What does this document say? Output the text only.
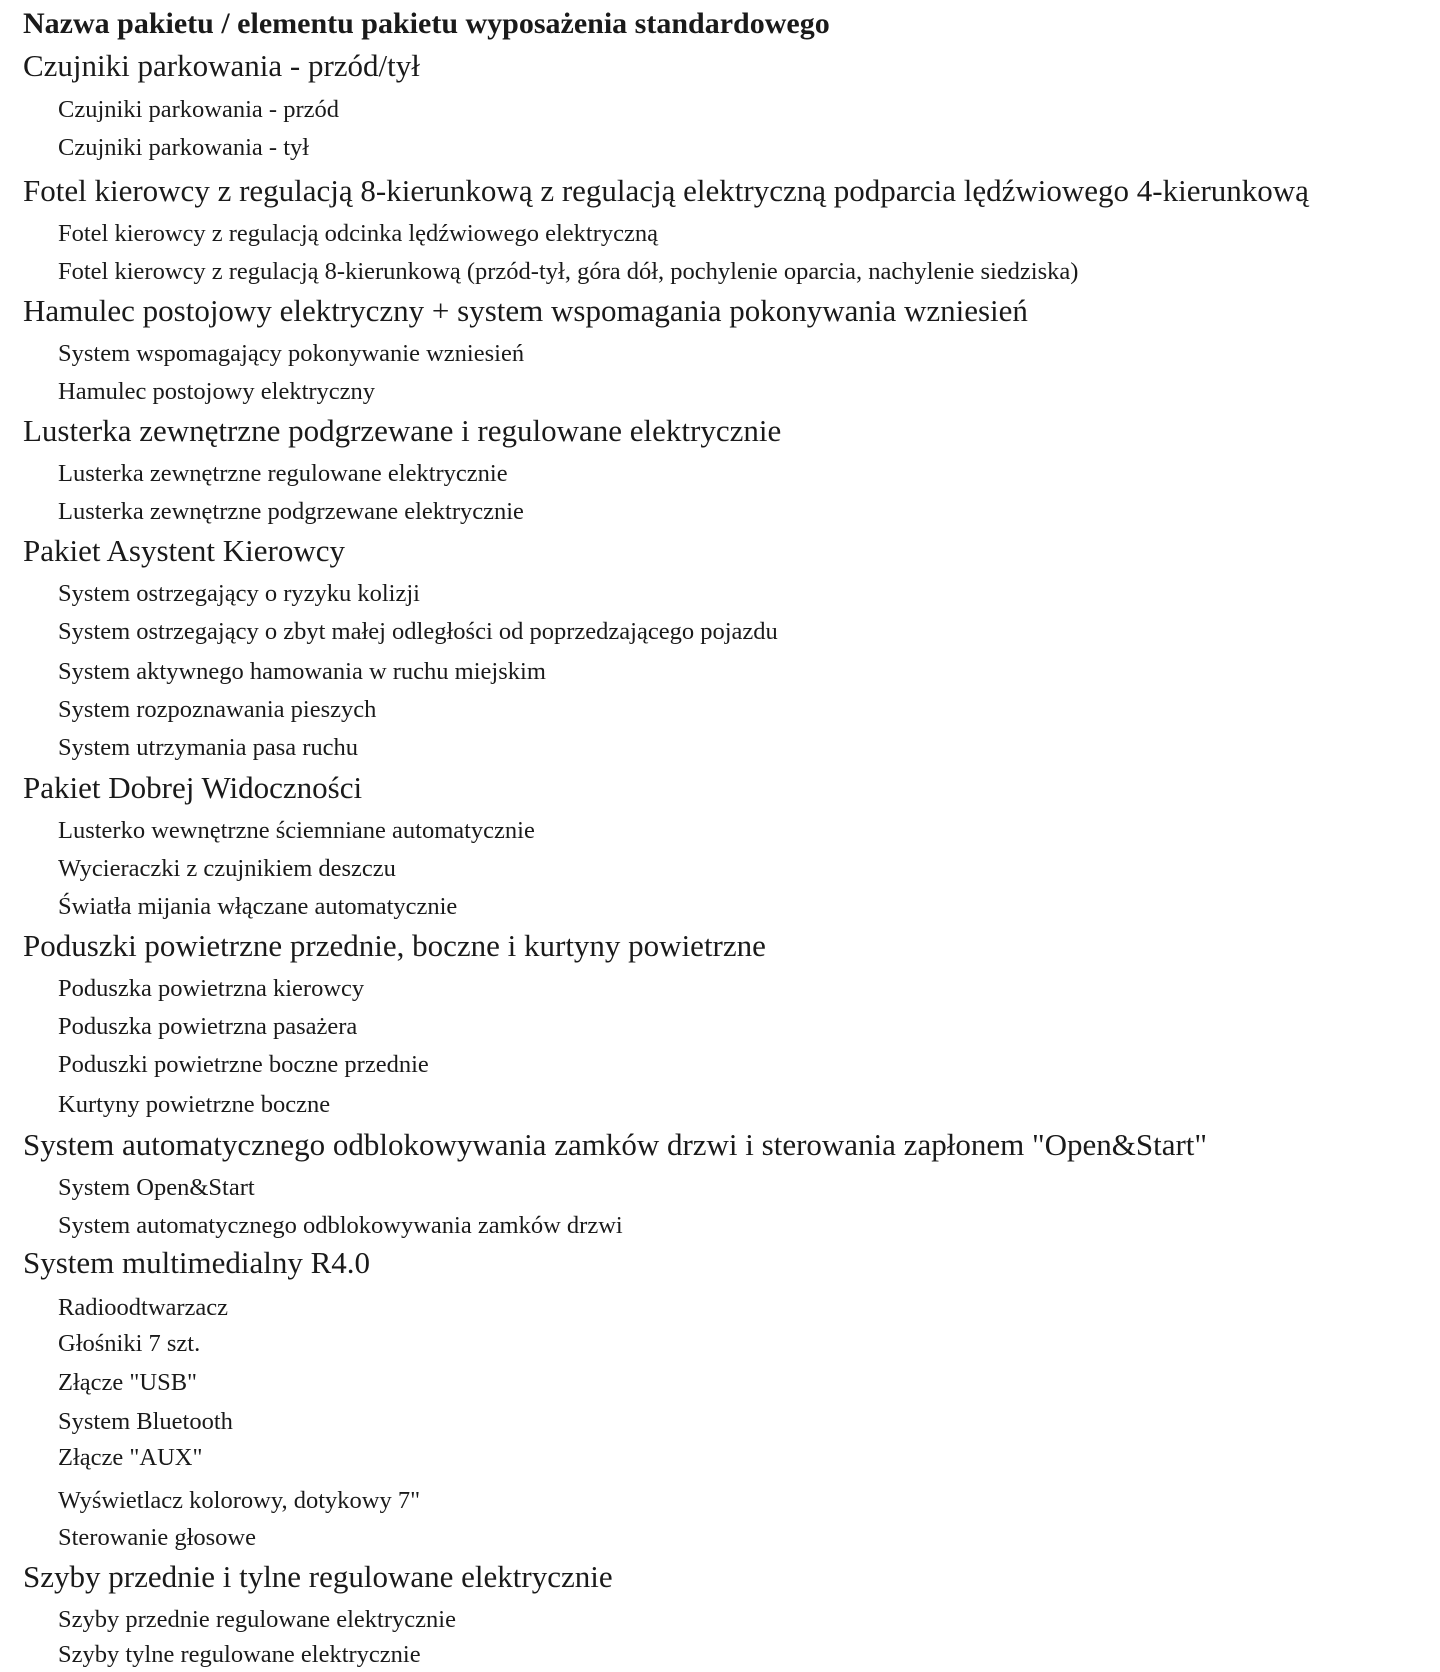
Nazwa pakietu / elementu pakietu wyposażenia standardowego
Czujniki parkowania - przód/tył
Czujniki parkowania - przód
Czujniki parkowania - tył
Fotel kierowcy z regulacją 8-kierunkową z regulacją elektryczną podparcia lędźwiowego 4-kierunkową
Fotel kierowcy z regulacją odcinka lędźwiowego elektryczną
Fotel kierowcy z regulacją 8-kierunkową (przód-tył, góra dół, pochylenie oparcia, nachylenie siedziska)
Hamulec postojowy elektryczny + system wspomagania pokonywania wzniesień
System wspomagający pokonywanie wzniesień
Hamulec postojowy elektryczny
Lusterka zewnętrzne podgrzewane i regulowane elektrycznie
Lusterka zewnętrzne regulowane elektrycznie
Lusterka zewnętrzne podgrzewane elektrycznie
Pakiet Asystent Kierowcy
System ostrzegający o ryzyku kolizji
System ostrzegający o zbyt małej odległości od poprzedzającego pojazdu
System aktywnego hamowania w ruchu miejskim
System rozpoznawania pieszych
System utrzymania pasa ruchu
Pakiet Dobrej Widoczności
Lusterko wewnętrzne ściemniane automatycznie
Wycieraczki z czujnikiem deszczu
Światła mijania włączane automatycznie
Poduszki powietrzne przednie, boczne i kurtyny powietrzne
Poduszka powietrzna kierowcy
Poduszka powietrzna pasażera
Poduszki powietrzne boczne przednie
Kurtyny powietrzne boczne
System automatycznego odblokowywania zamków drzwi i sterowania zapłonem "Open&Start"
System Open&Start
System automatycznego odblokowywania zamków drzwi
System multimedialny R4.0
Radioodtwarzacz
Głośniki 7 szt.
Złącze "USB"
System Bluetooth
Złącze "AUX"
Wyświetlacz kolorowy, dotykowy 7"
Sterowanie głosowe
Szyby przednie i tylne regulowane elektrycznie
Szyby przednie regulowane elektrycznie
Szyby tylne regulowane elektrycznie
